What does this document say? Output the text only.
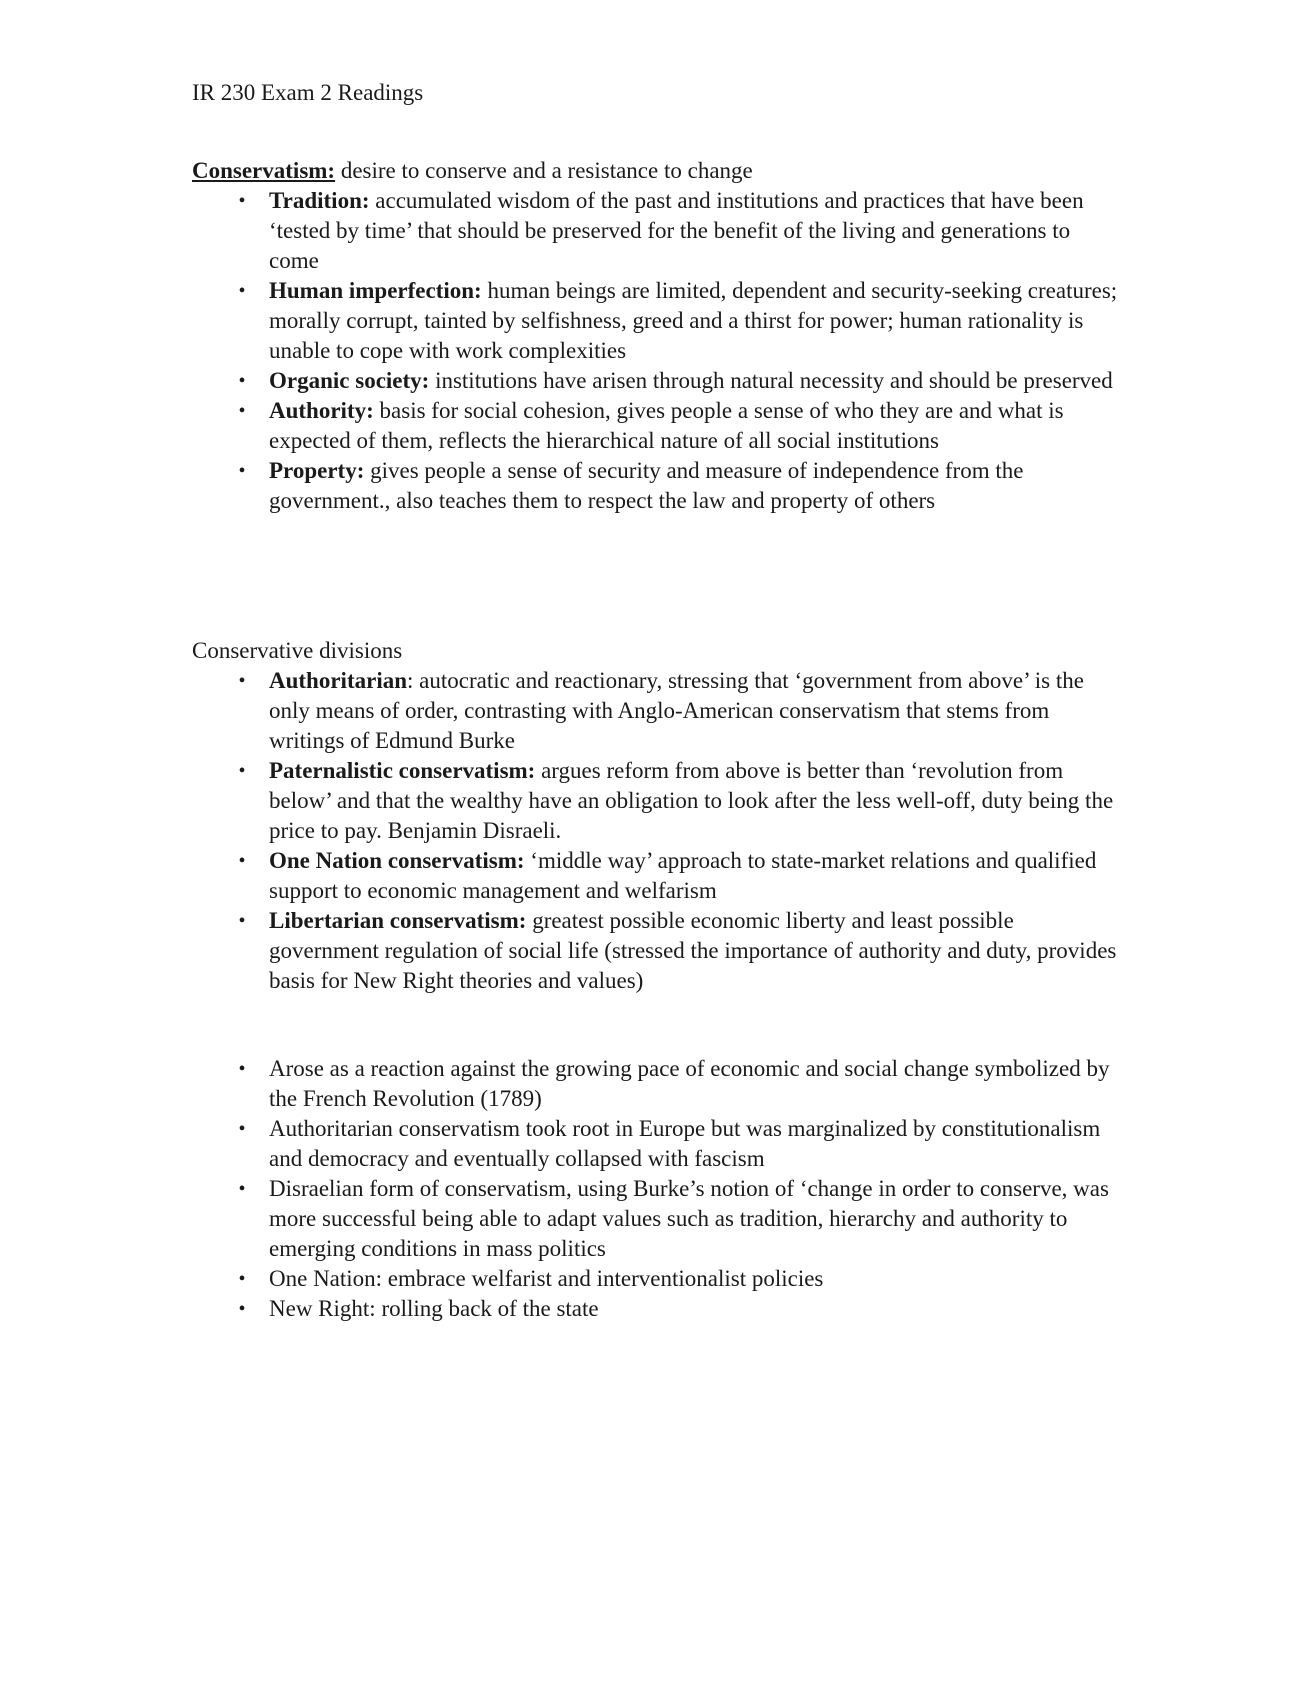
IR 230 Exam 2 Readings

Conservatism: desire to conserve and a resistance to change

• Tradition: accumulated wisdom of the past and institutions and practices that have been ‘tested by time’ that should be preserved for the benefit of the living and generations to come
• Human imperfection: human beings are limited, dependent and security-seeking creatures; morally corrupt, tainted by selfishness, greed and a thirst for power; human rationality is unable to cope with work complexities
• Organic society: institutions have arisen through natural necessity and should be preserved
• Authority: basis for social cohesion, gives people a sense of who they are and what is expected of them, reflects the hierarchical nature of all social institutions
• Property: gives people a sense of security and measure of independence from the government., also teaches them to respect the law and property of others

Conservative divisions

• Authoritarian: autocratic and reactionary, stressing that ‘government from above’ is the only means of order, contrasting with Anglo-American conservatism that stems from writings of Edmund Burke
• Paternalistic conservatism: argues reform from above is better than ‘revolution from below’ and that the wealthy have an obligation to look after the less well-off, duty being the price to pay. Benjamin Disraeli.
• One Nation conservatism: ‘middle way’ approach to state-market relations and qualified support to economic management and welfarism
• Libertarian conservatism: greatest possible economic liberty and least possible government regulation of social life (stressed the importance of authority and duty, provides basis for New Right theories and values)
• Arose as a reaction against the growing pace of economic and social change symbolized by the French Revolution (1789)
• Authoritarian conservatism took root in Europe but was marginalized by constitutionalism and democracy and eventually collapsed with fascism
• Disraelian form of conservatism, using Burke’s notion of ‘change in order to conserve, was more successful being able to adapt values such as tradition, hierarchy and authority to emerging conditions in mass politics
• One Nation: embrace welfarist and interventionalist policies
• New Right: rolling back of the state
